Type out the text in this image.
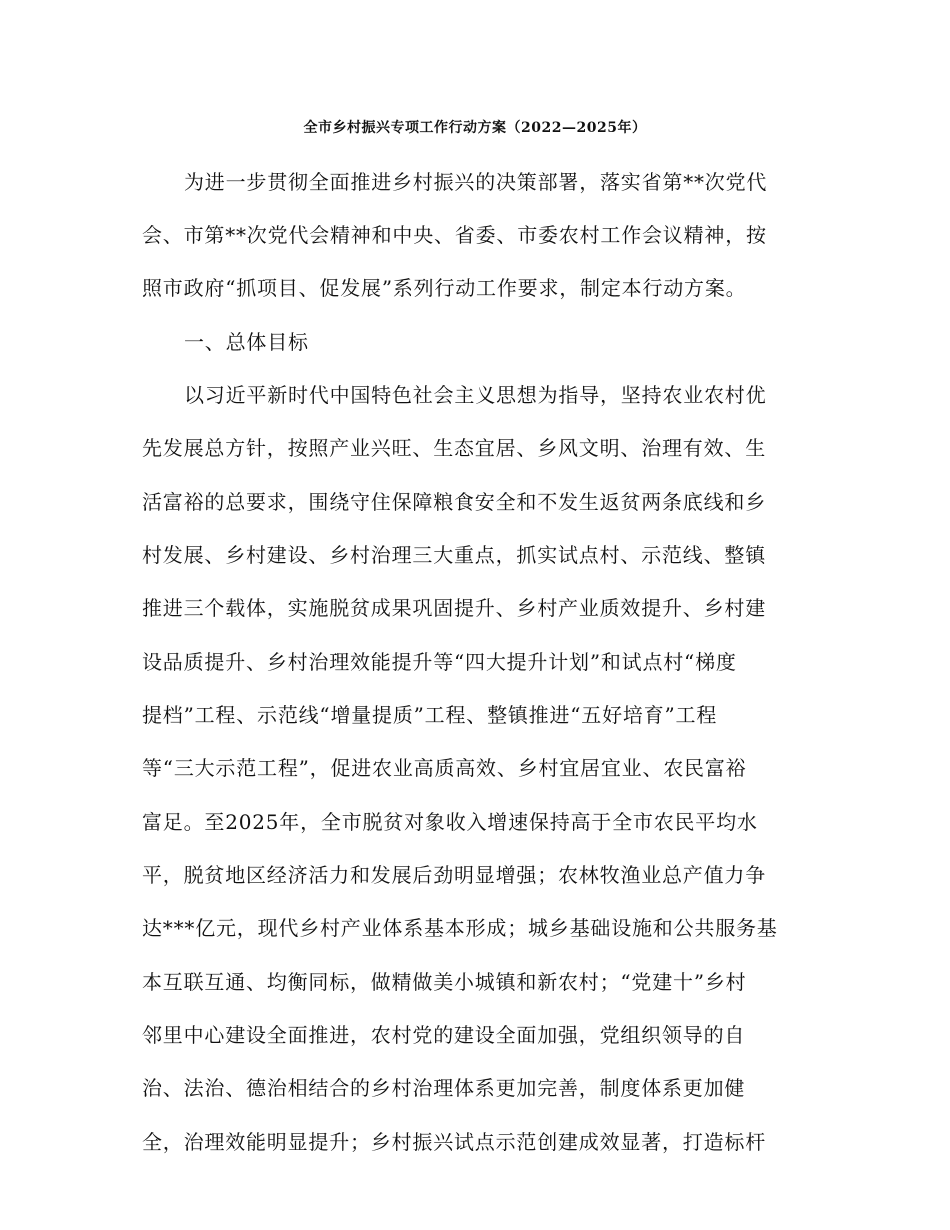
全市乡村振兴专项工作行动方案（2022—2025年）
为进一步贯彻全面推进乡村振兴的决策部署，落实省第**次党代
会、市第**次党代会精神和中央、省委、市委农村工作会议精神，按
照市政府“抓项目、促发展”系列行动工作要求，制定本行动方案。
一、总体目标
以习近平新时代中国特色社会主义思想为指导，坚持农业农村优
先发展总方针，按照产业兴旺、生态宜居、乡风文明、治理有效、生
活富裕的总要求，围绕守住保障粮食安全和不发生返贫两条底线和乡
村发展、乡村建设、乡村治理三大重点，抓实试点村、示范线、整镇
推进三个载体，实施脱贫成果巩固提升、乡村产业质效提升、乡村建
设品质提升、乡村治理效能提升等“四大提升计划”和试点村“梯度
提档”工程、示范线“增量提质”工程、整镇推进“五好培育”工程
等“三大示范工程”，促进农业高质高效、乡村宜居宜业、农民富裕
富足。至2025年，全市脱贫对象收入增速保持高于全市农民平均水
平，脱贫地区经济活力和发展后劲明显增强；农林牧渔业总产值力争
达***亿元，现代乡村产业体系基本形成；城乡基础设施和公共服务基
本互联互通、均衡同标，做精做美小城镇和新农村；“党建十”乡村
邻里中心建设全面推进，农村党的建设全面加强，党组织领导的自
治、法治、德治相结合的乡村治理体系更加完善，制度体系更加健
全，治理效能明显提升；乡村振兴试点示范创建成效显著，打造标杆
